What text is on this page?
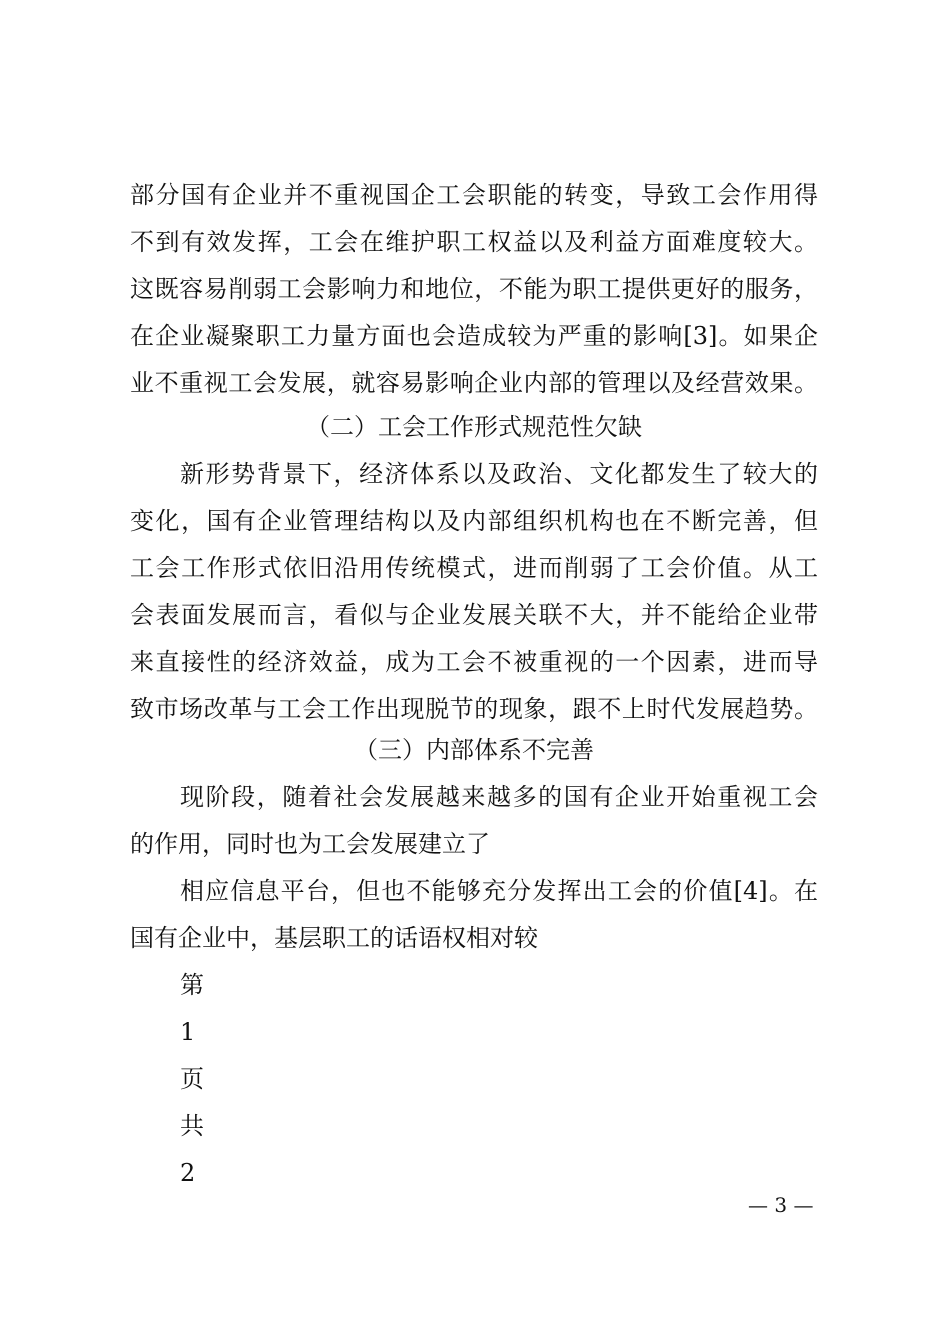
部分国有企业并不重视国企工会职能的转变，导致工会作用得
不到有效发挥，工会在维护职工权益以及利益方面难度较大。
这既容易削弱工会影响力和地位，不能为职工提供更好的服务，
在企业凝聚职工力量方面也会造成较为严重的影响[3]。如果企
业不重视工会发展，就容易影响企业内部的管理以及经营效果。
（二）工会工作形式规范性欠缺
新形势背景下，经济体系以及政治、文化都发生了较大的
变化，国有企业管理结构以及内部组织机构也在不断完善，但
工会工作形式依旧沿用传统模式，进而削弱了工会价值。从工
会表面发展而言，看似与企业发展关联不大，并不能给企业带
来直接性的经济效益，成为工会不被重视的一个因素，进而导
致市场改革与工会工作出现脱节的现象，跟不上时代发展趋势。
（三）内部体系不完善
现阶段，随着社会发展越来越多的国有企业开始重视工会
的作用，同时也为工会发展建立了
相应信息平台，但也不能够充分发挥出工会的价值[4]。在
国有企业中，基层职工的话语权相对较
第
1
页
共
2
— 3 —
